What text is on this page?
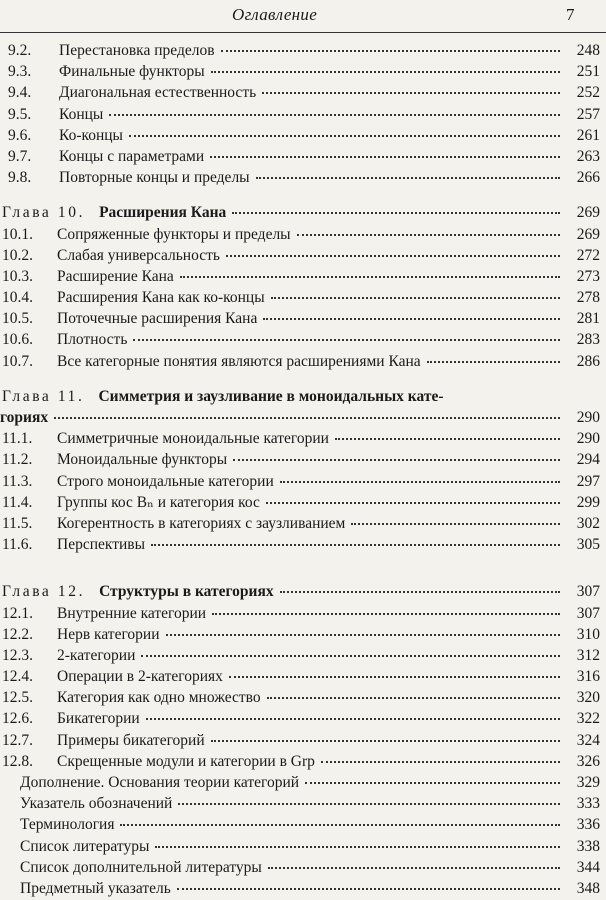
Оглавление	7
9.2.	Перестановка пределов	248
9.3.	Финальные функторы	251
9.4.	Диагональная естественность	252
9.5.	Концы	257
9.6.	Ко-концы	261
9.7.	Концы с параметрами	263
9.8.	Повторные концы и пределы	266
Глава 10. Расширения Кана	269
10.1.	Сопряженные функторы и пределы	269
10.2.	Слабая универсальность	272
10.3.	Расширение Кана	273
10.4.	Расширения Кана как ко-концы	278
10.5.	Поточечные расширения Кана	281
10.6.	Плотность	283
10.7.	Все категорные понятия являются расширениями Кана	286
Глава 11. Симметрия и заузливание в моноидальных кате-
гориях	290
11.1.	Симметричные моноидальные категории	290
11.2.	Моноидальные функторы	294
11.3.	Строго моноидальные категории	297
11.4.	Группы кос Bₙ и категория кос	299
11.5.	Когерентность в категориях с заузливанием	302
11.6.	Перспективы	305
Глава 12. Структуры в категориях	307
12.1.	Внутренние категории	307
12.2.	Нерв категории	310
12.3.	2-категории	312
12.4.	Операции в 2-категориях	316
12.5.	Категория как одно множество	320
12.6.	Бикатегории	322
12.7.	Примеры бикатегорий	324
12.8.	Скрещенные модули и категории в Grp	326
Дополнение. Основания теории категорий	329
Указатель обозначений	333
Терминология	336
Список литературы	338
Список дополнительной литературы	344
Предметный указатель	348
